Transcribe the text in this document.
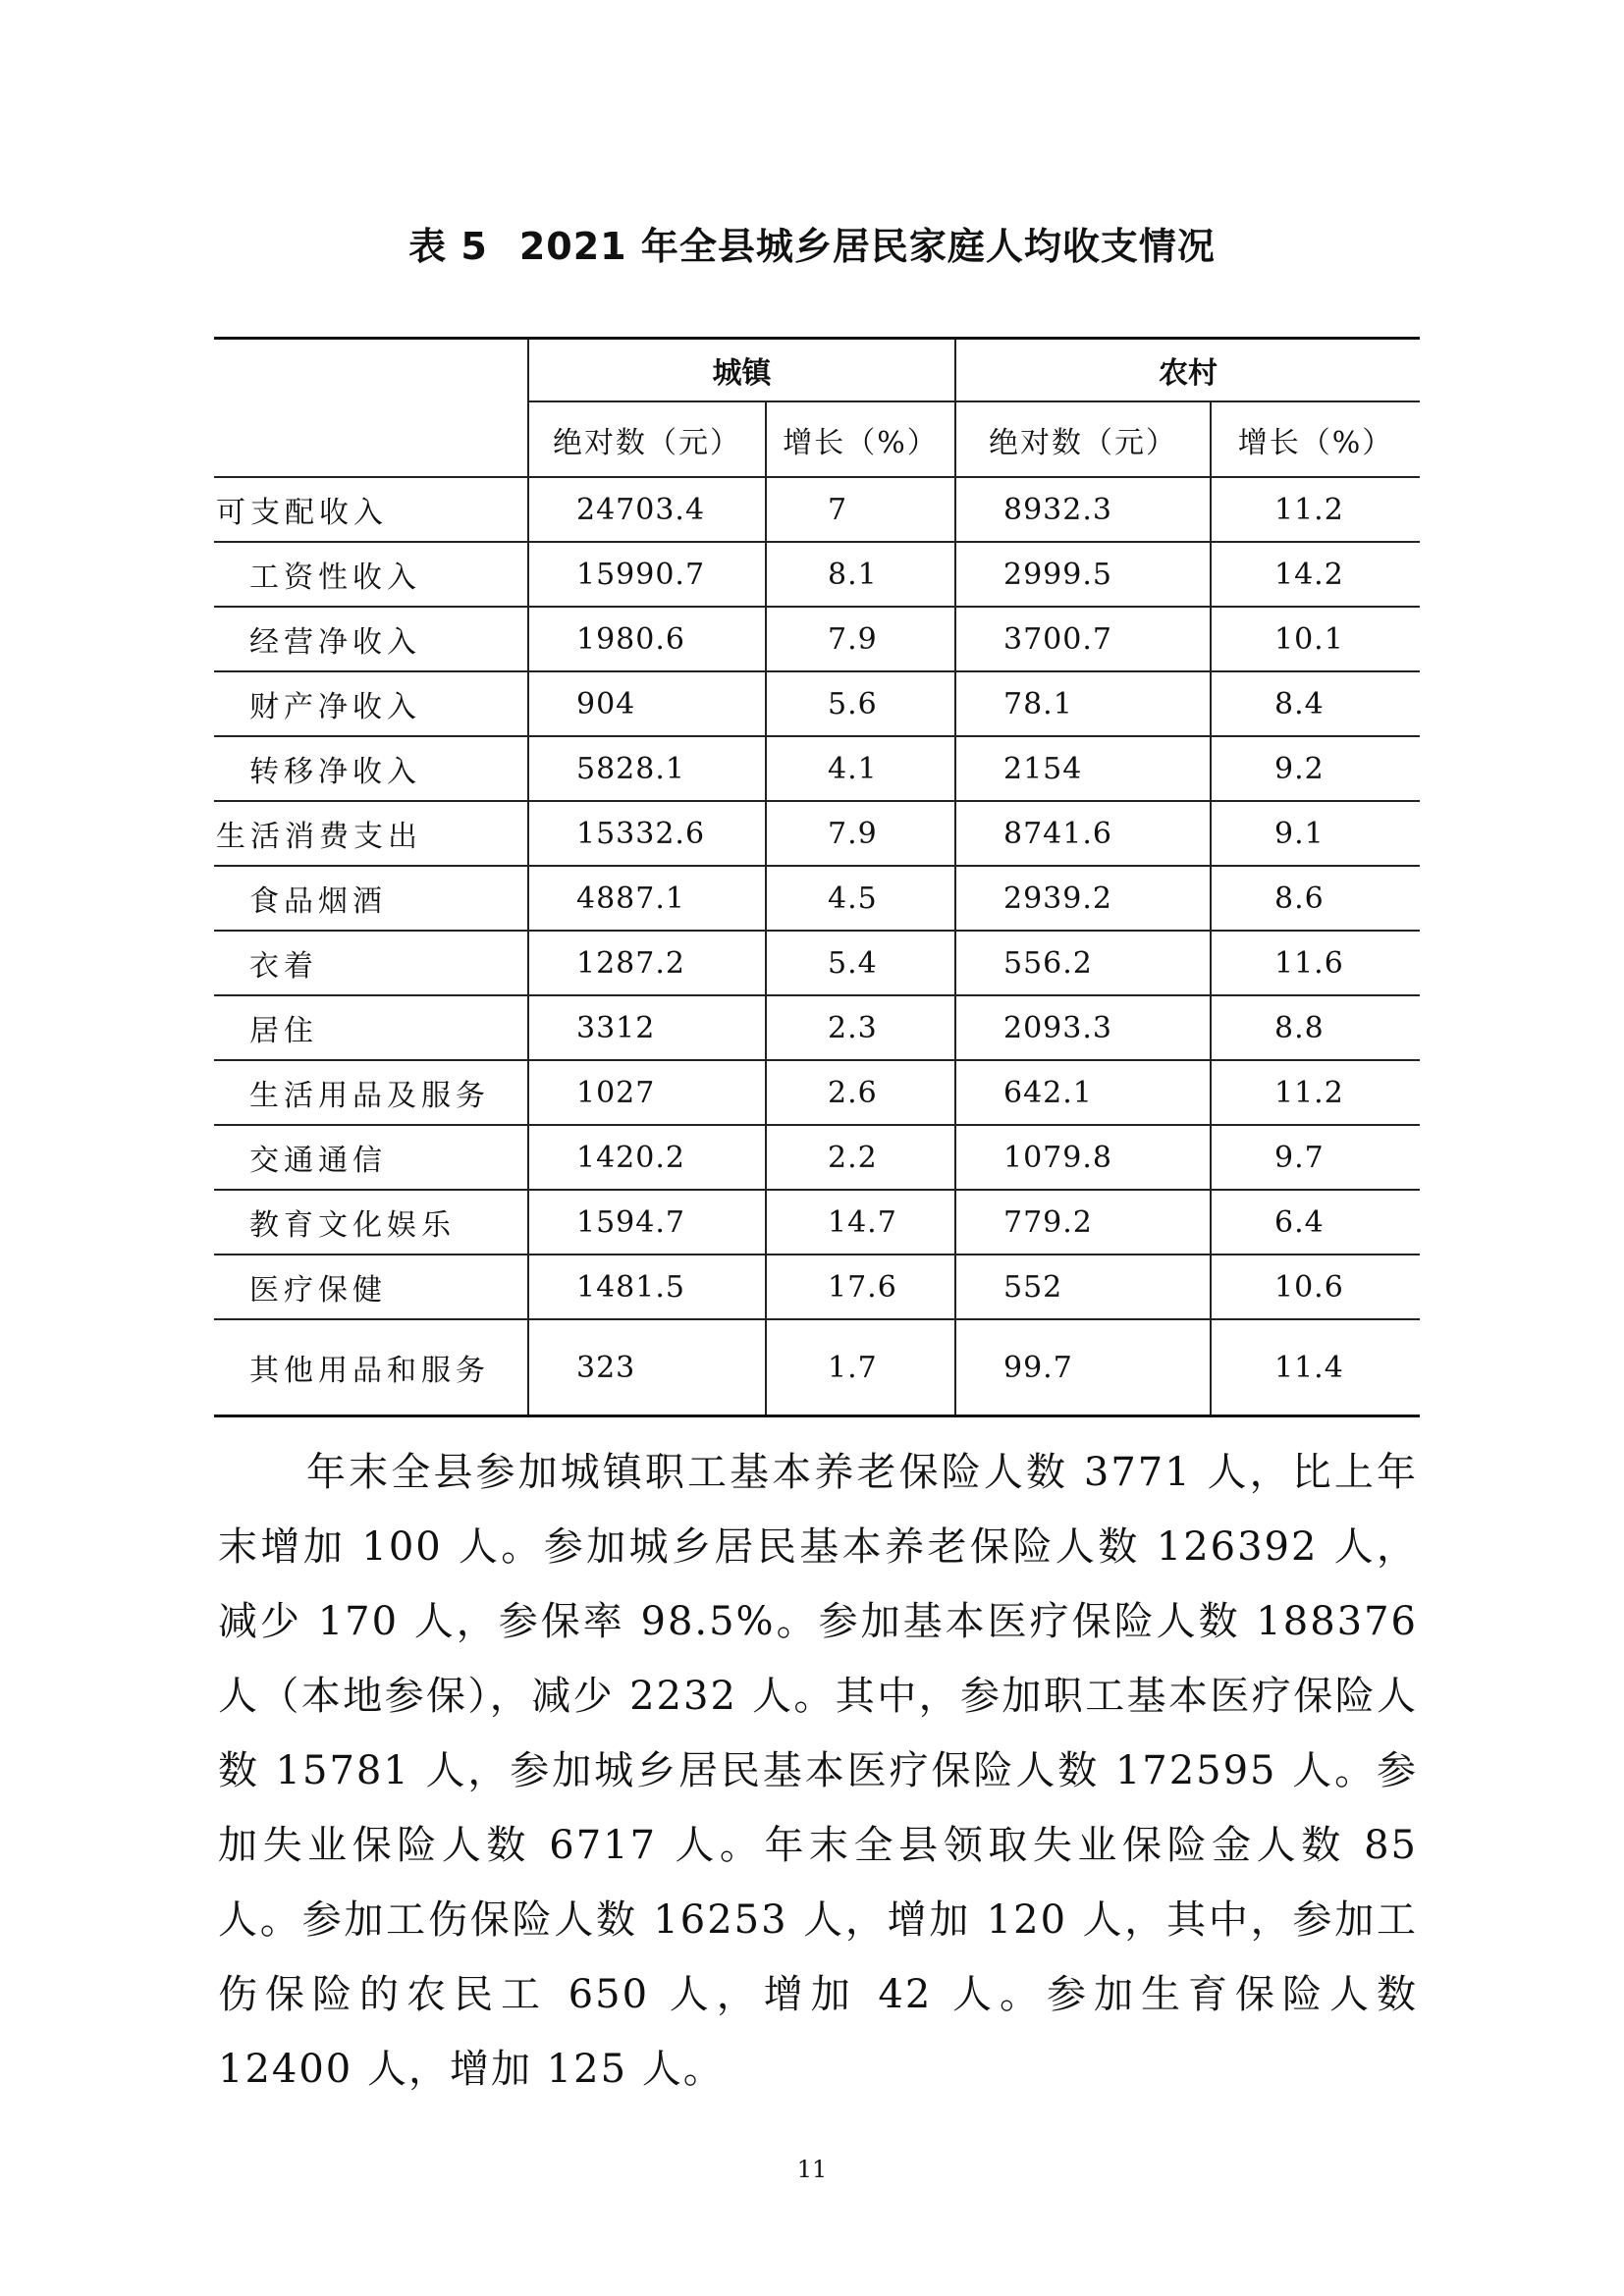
表 5 2021 年全县城乡居民家庭人均收支情况
	城镇		农村	
	绝对数（元）	增长（%）	绝对数（元）	增长（%）
可支配收入	24703.4	7	8932.3	11.2
工资性收入	15990.7	8.1	2999.5	14.2
经营净收入	1980.6	7.9	3700.7	10.1
财产净收入	904	5.6	78.1	8.4
转移净收入	5828.1	4.1	2154	9.2
生活消费支出	15332.6	7.9	8741.6	9.1
食品烟酒	4887.1	4.5	2939.2	8.6
衣着	1287.2	5.4	556.2	11.6
居住	3312	2.3	2093.3	8.8
生活用品及服务	1027	2.6	642.1	11.2
交通通信	1420.2	2.2	1079.8	9.7
教育文化娱乐	1594.7	14.7	779.2	6.4
医疗保健	1481.5	17.6	552	10.6
其他用品和服务	323	1.7	99.7	11.4

年末全县参加城镇职工基本养老保险人数 3771 人，比上年末增加 100 人。参加城乡居民基本养老保险人数 126392 人，减少 170 人，参保率 98.5%。参加基本医疗保险人数 188376 人（本地参保），减少 2232 人。其中，参加职工基本医疗保险人数 15781 人，参加城乡居民基本医疗保险人数 172595 人。参加失业保险人数 6717 人。年末全县领取失业保险金人数 85 人。参加工伤保险人数 16253 人，增加 120 人，其中，参加工伤保险的农民工 650 人，增加 42 人。参加生育保险人数 12400 人，增加 125 人。

11
